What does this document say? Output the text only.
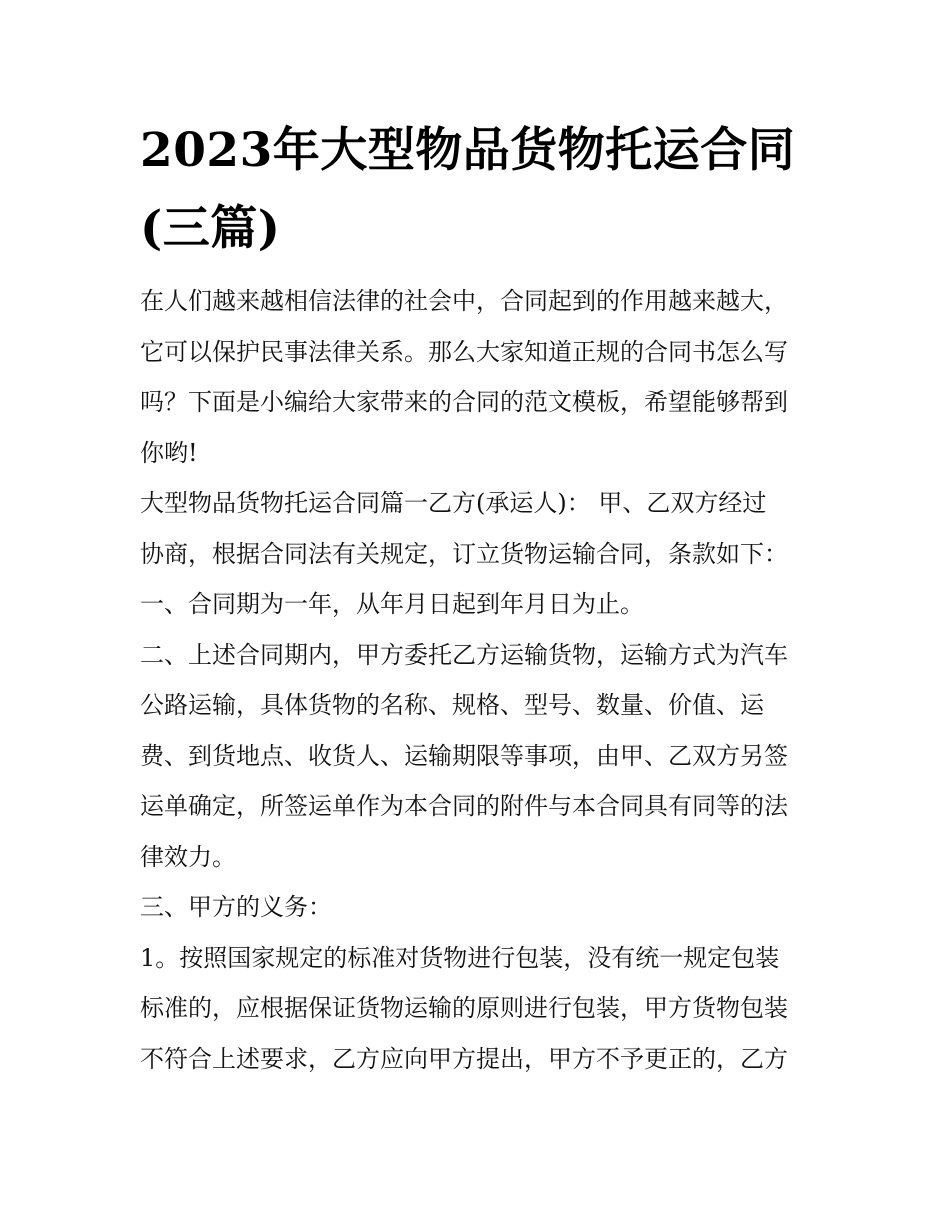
2023年大型物品货物托运合同
(三篇)
在人们越来越相信法律的社会中，合同起到的作用越来越大，
它可以保护民事法律关系。那么大家知道正规的合同书怎么写
吗？下面是小编给大家带来的合同的范文模板，希望能够帮到
你哟!
大型物品货物托运合同篇一乙方(承运人)： 甲、乙双方经过
协商，根据合同法有关规定，订立货物运输合同，条款如下：
一、合同期为一年，从年月日起到年月日为止。
二、上述合同期内，甲方委托乙方运输货物，运输方式为汽车
公路运输，具体货物的名称、规格、型号、数量、价值、运
费、到货地点、收货人、运输期限等事项，由甲、乙双方另签
运单确定，所签运单作为本合同的附件与本合同具有同等的法
律效力。
三、甲方的义务：
1。按照国家规定的标准对货物进行包装，没有统一规定包装
标准的，应根据保证货物运输的原则进行包装，甲方货物包装
不符合上述要求，乙方应向甲方提出，甲方不予更正的，乙方
